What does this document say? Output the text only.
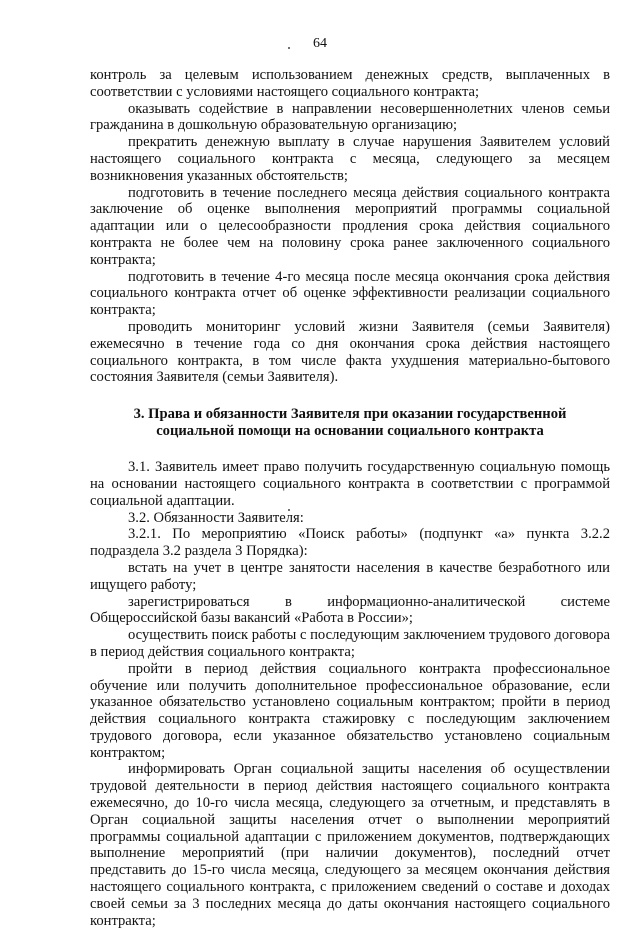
64

контроль за целевым использованием денежных средств, выплаченных в соответствии с условиями настоящего социального контракта;

оказывать содействие в направлении несовершеннолетних членов семьи гражданина в дошкольную образовательную организацию;

прекратить денежную выплату в случае нарушения Заявителем условий настоящего социального контракта с месяца, следующего за месяцем возникновения указанных обстоятельств;

подготовить в течение последнего месяца действия социального контракта заключение об оценке выполнения мероприятий программы социальной адаптации или о целесообразности продления срока действия социального контракта не более чем на половину срока ранее заключенного социального контракта;

подготовить в течение 4-го месяца после месяца окончания срока действия социального контракта отчет об оценке эффективности реализации социального контракта;

проводить мониторинг условий жизни Заявителя (семьи Заявителя) ежемесячно в течение года со дня окончания срока действия настоящего социального контракта, в том числе факта ухудшения материально-бытового состояния Заявителя (семьи Заявителя).

3. Права и обязанности Заявителя при оказании государственной
социальной помощи на основании социального контракта

3.1. Заявитель имеет право получить государственную социальную помощь на основании настоящего социального контракта в соответствии с программой социальной адаптации.

3.2. Обязанности Заявителя:

3.2.1. По мероприятию «Поиск работы» (подпункт «а» пункта 3.2.2 подраздела 3.2 раздела 3 Порядка):

встать на учет в центре занятости населения в качестве безработного или ищущего работу;

зарегистрироваться в информационно-аналитической системе Общероссийской базы вакансий «Работа в России»;

осуществить поиск работы с последующим заключением трудового договора в период действия социального контракта;

пройти в период действия социального контракта профессиональное обучение или получить дополнительное профессиональное образование, если указанное обязательство установлено социальным контрактом; пройти в период действия социального контракта стажировку с последующим заключением трудового договора, если указанное обязательство установлено социальным контрактом;

информировать Орган социальной защиты населения об осуществлении трудовой деятельности в период действия настоящего социального контракта ежемесячно, до 10-го числа месяца, следующего за отчетным, и представлять в Орган социальной защиты населения отчет о выполнении мероприятий программы социальной адаптации с приложением документов, подтверждающих выполнение мероприятий (при наличии документов), последний отчет представить до 15-го числа месяца, следующего за месяцем окончания действия настоящего социального контракта, с приложением сведений о составе и доходах своей семьи за 3 последних месяца до даты окончания настоящего социального контракта;
